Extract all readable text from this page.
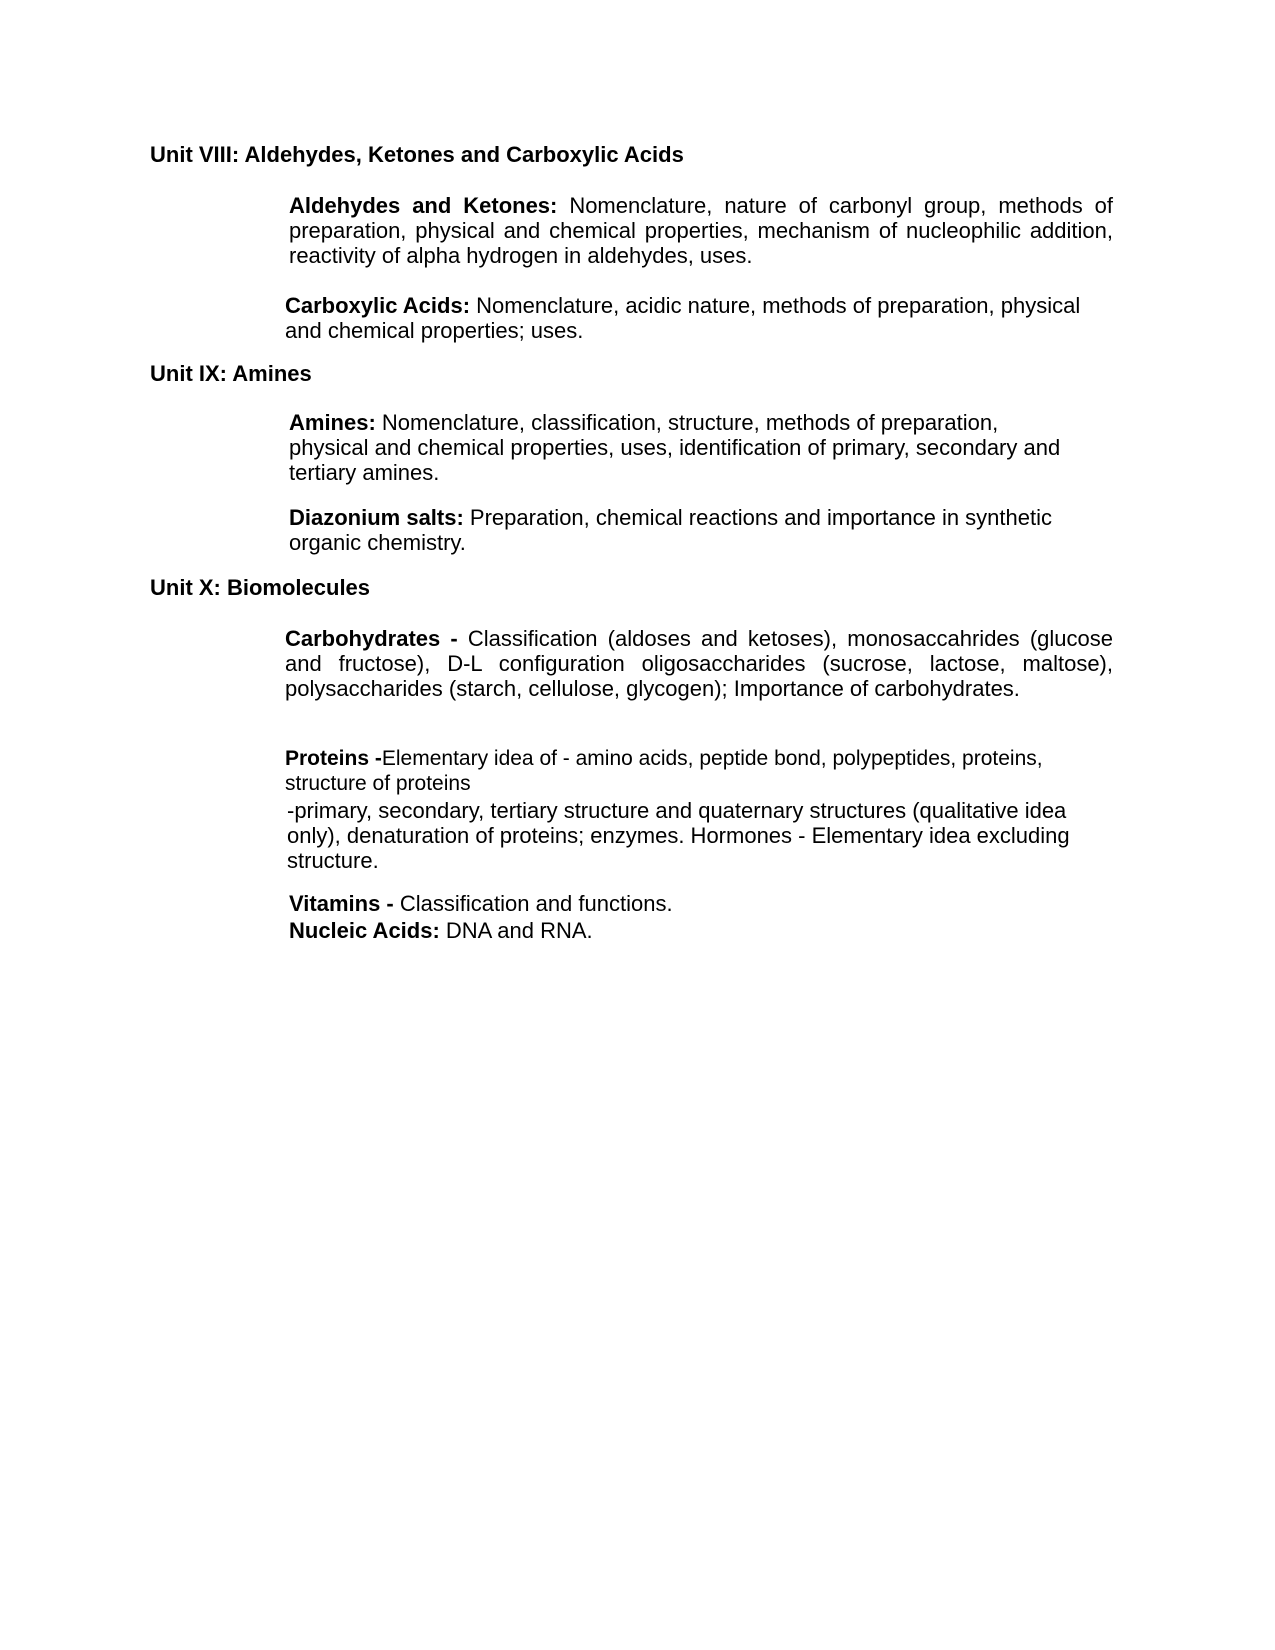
Unit VIII: Aldehydes, Ketones and Carboxylic Acids

Aldehydes and Ketones: Nomenclature, nature of carbonyl group, methods of preparation, physical and chemical properties, mechanism of nucleophilic addition, reactivity of alpha hydrogen in aldehydes, uses.

Carboxylic Acids: Nomenclature, acidic nature, methods of preparation, physical and chemical properties; uses.

Unit IX: Amines

Amines: Nomenclature, classification, structure, methods of preparation, physical and chemical properties, uses, identification of primary, secondary and tertiary amines.

Diazonium salts: Preparation, chemical reactions and importance in synthetic organic chemistry.

Unit X: Biomolecules

Carbohydrates - Classification (aldoses and ketoses), monosaccahrides (glucose and fructose), D-L configuration oligosaccharides (sucrose, lactose, maltose), polysaccharides (starch, cellulose, glycogen); Importance of carbohydrates.

Proteins -Elementary idea of - amino acids, peptide bond, polypeptides, proteins, structure of proteins

-primary, secondary, tertiary structure and quaternary structures (qualitative idea only), denaturation of proteins; enzymes. Hormones - Elementary idea excluding structure.

Vitamins - Classification and functions.

Nucleic Acids: DNA and RNA.
